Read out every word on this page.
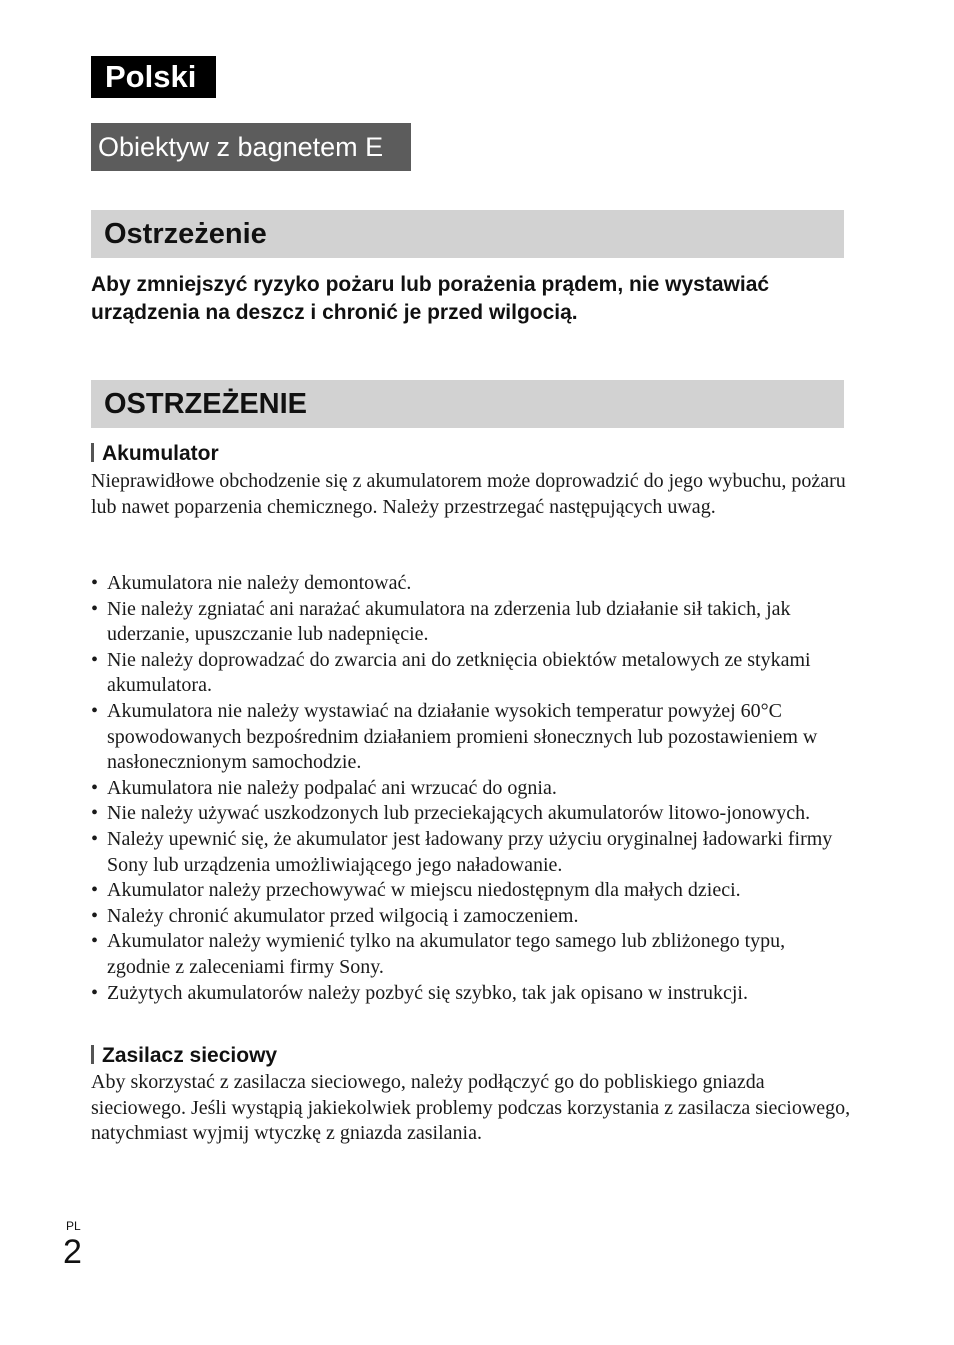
Polski
Obiektyw z bagnetem E
Ostrzeżenie

Aby zmniejszyć ryzyko pożaru lub porażenia prądem, nie wystawiać urządzenia na deszcz i chronić je przed wilgocią.

OSTRZEŻENIE
Akumulator

Nieprawidłowe obchodzenie się z akumulatorem może doprowadzić do jego wybuchu, pożaru lub nawet poparzenia chemicznego. Należy przestrzegać następujących uwag.

• Akumulatora nie należy demontować.
• Nie należy zgniatać ani narażać akumulatora na zderzenia lub działanie sił takich, jak uderzanie, upuszczanie lub nadepnięcie.
• Nie należy doprowadzać do zwarcia ani do zetknięcia obiektów metalowych ze stykami akumulatora.
• Akumulatora nie należy wystawiać na działanie wysokich temperatur powyżej 60°C spowodowanych bezpośrednim działaniem promieni słonecznych lub pozostawieniem w nasłonecznionym samochodzie.
• Akumulatora nie należy podpalać ani wrzucać do ognia.
• Nie należy używać uszkodzonych lub przeciekających akumulatorów litowo-jonowych.
• Należy upewnić się, że akumulator jest ładowany przy użyciu oryginalnej ładowarki firmy Sony lub urządzenia umożliwiającego jego naładowanie.
• Akumulator należy przechowywać w miejscu niedostępnym dla małych dzieci.
• Należy chronić akumulator przed wilgocią i zamoczeniem.
• Akumulator należy wymienić tylko na akumulator tego samego lub zbliżonego typu, zgodnie z zaleceniami firmy Sony.
• Zużytych akumulatorów należy pozbyć się szybko, tak jak opisano w instrukcji.
Zasilacz sieciowy

Aby skorzystać z zasilacza sieciowego, należy podłączyć go do pobliskiego gniazda sieciowego. Jeśli wystąpią jakiekolwiek problemy podczas korzystania z zasilacza sieciowego, natychmiast wyjmij wtyczkę z gniazda zasilania.

PL
2
